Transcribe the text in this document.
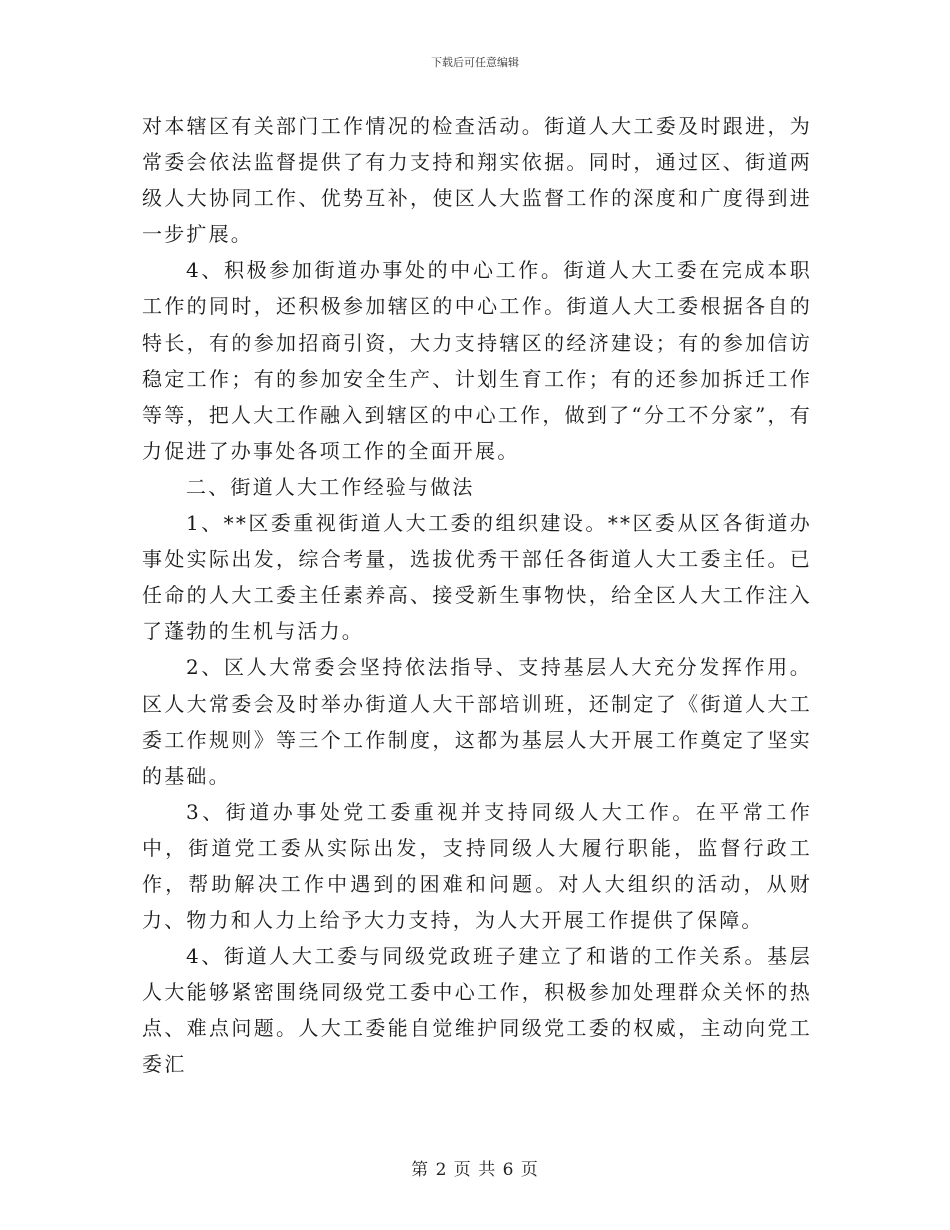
下载后可任意编辑

对本辖区有关部门工作情况的检查活动。街道人大工委及时跟进，为常委会依法监督提供了有力支持和翔实依据。同时，通过区、街道两级人大协同工作、优势互补，使区人大监督工作的深度和广度得到进一步扩展。

4、积极参加街道办事处的中心工作。街道人大工委在完成本职工作的同时，还积极参加辖区的中心工作。街道人大工委根据各自的特长，有的参加招商引资，大力支持辖区的经济建设；有的参加信访稳定工作；有的参加安全生产、计划生育工作；有的还参加拆迁工作等等，把人大工作融入到辖区的中心工作，做到了“分工不分家”，有力促进了办事处各项工作的全面开展。

二、街道人大工作经验与做法

1、**区委重视街道人大工委的组织建设。**区委从区各街道办事处实际出发，综合考量，选拔优秀干部任各街道人大工委主任。已任命的人大工委主任素养高、接受新生事物快，给全区人大工作注入了蓬勃的生机与活力。

2、区人大常委会坚持依法指导、支持基层人大充分发挥作用。区人大常委会及时举办街道人大干部培训班，还制定了《街道人大工委工作规则》等三个工作制度，这都为基层人大开展工作奠定了坚实的基础。

3、街道办事处党工委重视并支持同级人大工作。在平常工作中，街道党工委从实际出发，支持同级人大履行职能，监督行政工作，帮助解决工作中遇到的困难和问题。对人大组织的活动，从财力、物力和人力上给予大力支持，为人大开展工作提供了保障。

4、街道人大工委与同级党政班子建立了和谐的工作关系。基层人大能够紧密围绕同级党工委中心工作，积极参加处理群众关怀的热点、难点问题。人大工委能自觉维护同级党工委的权威，主动向党工委汇

第 2 页 共 6 页
